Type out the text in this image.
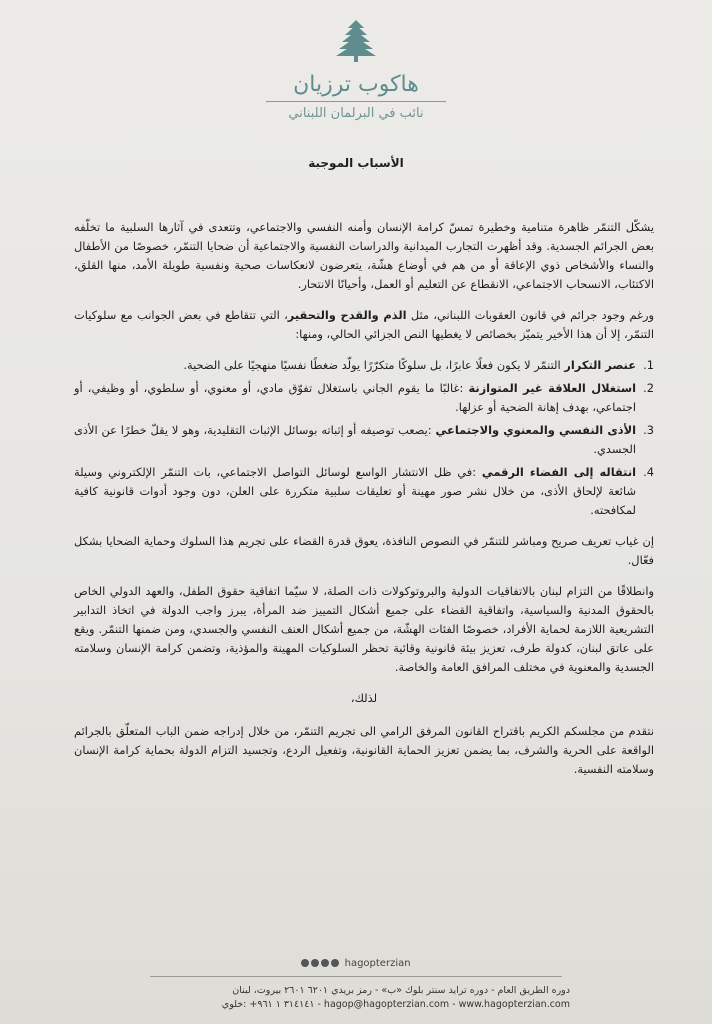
هاكوب ترزيان
نائب في البرلمان اللبناني
الأسباب الموجبة

يشكّل التنمّر ظاهرة متنامية وخطيرة تمسّ كرامة الإنسان وأمنه النفسي والاجتماعي، وتتعدى في آثارها السلبية ما تخلّفه بعض الجرائم الجسدية. وقد أظهرت التجارب الميدانية والدراسات النفسية والاجتماعية أن ضحايا التنمّر، خصوصًا من الأطفال والنساء والأشخاص ذوي الإعاقة أو من هم في أوضاع هشّة، يتعرضون لانعكاسات صحية ونفسية طويلة الأمد، منها القلق، الاكتئاب، الانسحاب الاجتماعي، الانقطاع عن التعليم أو العمل، وأحيانًا الانتحار.

ورغم وجود جرائم في قانون العقوبات اللبناني، مثل الذم والقدح والتحقير، التي تتقاطع في بعض الجوانب مع سلوكيات التنمّر، إلا أن هذا الأخير يتميّز بخصائص لا يغطيها النص الجزائي الحالي، ومنها:

1.
عنصر التكرار التنمّر لا يكون فعلًا عابرًا، بل سلوكًا متكرّرًا يولّد ضغطًا نفسيًا منهجيًا على الضحية.
2.
استغلال العلاقة غير المتوازنة :غالبًا ما يقوم الجاني باستغلال تفوّق مادي، أو معنوي، أو سلطوي، أو وظيفي، أو اجتماعي، بهدف إهانة الضحية أو عزلها.
3.
الأذى النفسي والمعنوي والاجتماعي :يصعب توصيفه أو إثباته بوسائل الإثبات التقليدية، وهو لا يقلّ خطرًا عن الأذى الجسدي.
4.
انتقاله إلى الفضاء الرقمي :في ظل الانتشار الواسع لوسائل التواصل الاجتماعي، بات التنمّر الإلكتروني وسيلة شائعة لإلحاق الأذى، من خلال نشر صور مهينة أو تعليقات سلبية متكررة على العلن، دون وجود أدوات قانونية كافية لمكافحته.

إن غياب تعريف صريح ومباشر للتنمّر في النصوص النافذة، يعوق قدرة القضاء على تجريم هذا السلوك وحماية الضحايا بشكل فعّال.

وانطلاقًا من التزام لبنان بالاتفاقيات الدولية والبروتوكولات ذات الصلة، لا سيّما اتفاقية حقوق الطفل، والعهد الدولي الخاص بالحقوق المدنية والسياسية، واتفاقية القضاء على جميع أشكال التمييز ضد المرأة، يبرز واجب الدولة في اتخاذ التدابير التشريعية اللازمة لحماية الأفراد، خصوصًا الفئات الهشّة، من جميع أشكال العنف النفسي والجسدي، ومن ضمنها التنمّر. ويقع على عاتق لبنان، كدولة طرف، تعزيز بيئة قانونية وقائية تحظر السلوكيات المهينة والمؤذية، وتضمن كرامة الإنسان وسلامته الجسدية والمعنوية في مختلف المرافق العامة والخاصة.

لذلك،

نتقدم من مجلسكم الكريم باقتراح القانون المرفق الرامي الى تجريم التنمّر، من خلال إدراجه ضمن الباب المتعلّق بالجرائم الواقعة على الحرية والشرف، بما يضمن تعزيز الحماية القانونية، وتفعيل الردع، وتجسيد التزام الدولة بحماية كرامة الإنسان وسلامته النفسية.

hagopterzian
دوره الطريق العام - دوره ترايد سنتر بلوك «ب» - رمز بريدي ٦٢٠١ ٢٦٠١ بيروت، لبنان
hagop@hagopterzian.com - www.hagopterzian.com - ٣١٤١٤١ ١ ٩٦١+ :خلوي
